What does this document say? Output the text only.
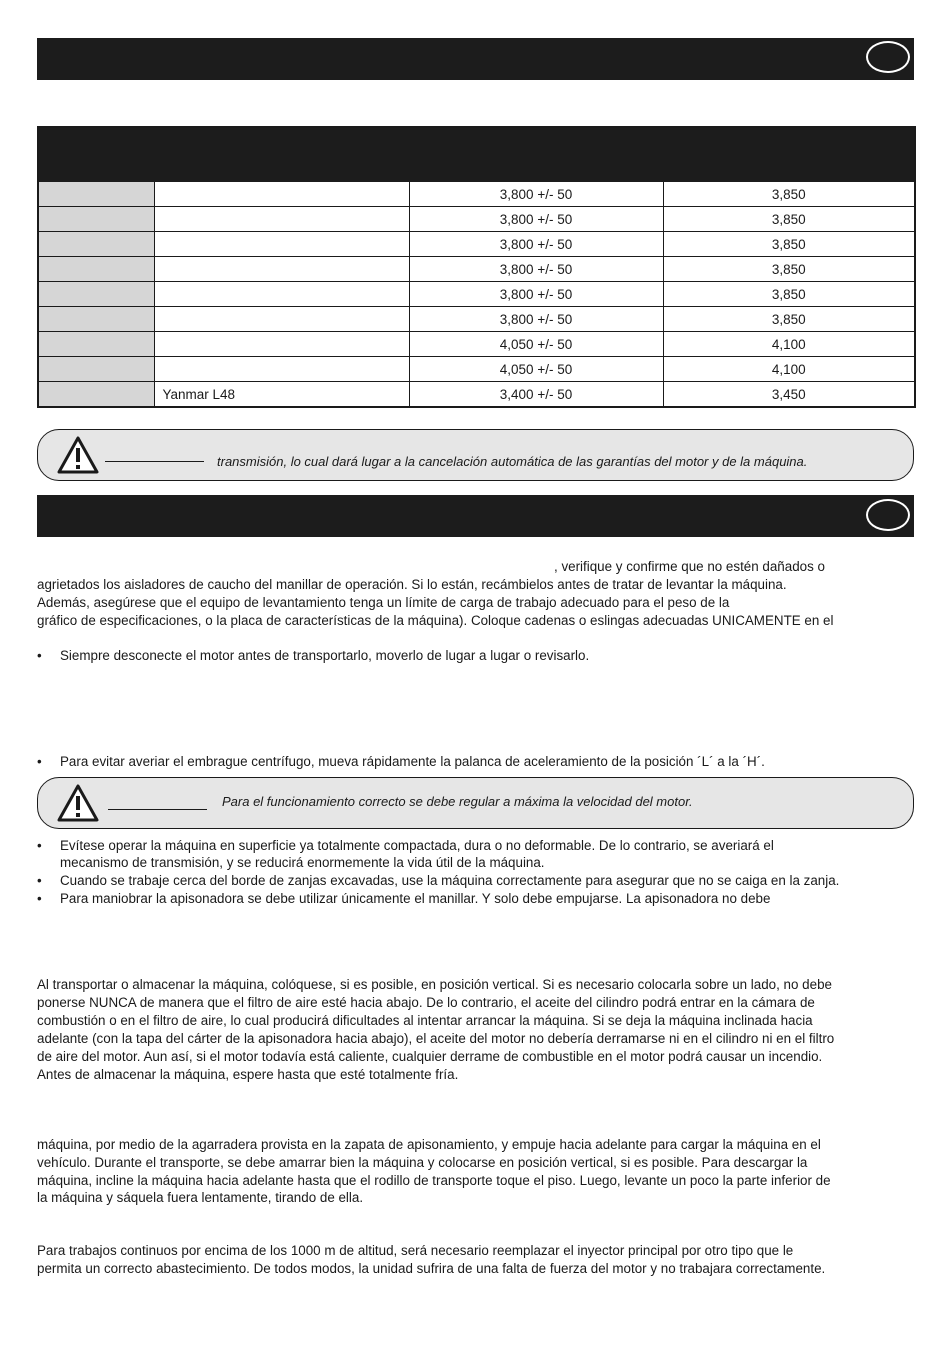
		3,800 +/- 50	3,850
		3,800 +/- 50	3,850
		3,800 +/- 50	3,850
		3,800 +/- 50	3,850
		3,800 +/- 50	3,850
		3,800 +/- 50	3,850
		4,050 +/- 50	4,100
		4,050 +/- 50	4,100
	Yanmar L48	3,400 +/- 50	3,450
transmisión, lo cual dará lugar a la cancelación automática de las garantías del motor y de la máquina.
, verifique y confirme que no estén dañados o
agrietados los aisladores de caucho del manillar de operación. Si lo están, recámbielos antes de tratar de levantar la máquina.
Además, asegúrese que el equipo de levantamiento tenga un límite de carga de trabajo adecuado para el peso de la
gráfico de especificaciones, o la placa de características de la máquina). Coloque cadenas o eslingas adecuadas UNICAMENTE en el
• Siempre desconecte el motor antes de transportarlo, moverlo de lugar a lugar o revisarlo.
• Para evitar averiar el embrague centrífugo, mueva rápidamente la palanca de aceleramiento de la posición ´L´ a la ´H´.
Para el funcionamiento correcto se debe regular a máxima la velocidad del motor.
• Evítese operar la máquina en superficie ya totalmente compactada, dura o no deformable. De lo contrario, se averiará el
mecanismo de transmisión, y se reducirá enormemente la vida útil de la máquina.
• Cuando se trabaje cerca del borde de zanjas excavadas, use la máquina correctamente para asegurar que no se caiga en la zanja.
• Para maniobrar la apisonadora se debe utilizar únicamente el manillar. Y solo debe empujarse. La apisonadora no debe
Al transportar o almacenar la máquina, colóquese, si es posible, en posición vertical. Si es necesario colocarla sobre un lado, no debe
ponerse NUNCA de manera que el filtro de aire esté hacia abajo. De lo contrario, el aceite del cilindro podrá entrar en la cámara de
combustión o en el filtro de aire, lo cual producirá dificultades al intentar arrancar la máquina. Si se deja la máquina inclinada hacia
adelante (con la tapa del cárter de la apisonadora hacia abajo), el aceite del motor no debería derramarse ni en el cilindro ni en el filtro
de aire del motor. Aun así, si el motor todavía está caliente, cualquier derrame de combustible en el motor podrá causar un incendio.
Antes de almacenar la máquina, espere hasta que esté totalmente fría.
máquina, por medio de la agarradera provista en la zapata de apisonamiento, y empuje hacia adelante para cargar la máquina en el
vehículo. Durante el transporte, se debe amarrar bien la máquina y colocarse en posición vertical, si es posible. Para descargar la
máquina, incline la máquina hacia adelante hasta que el rodillo de transporte toque el piso. Luego, levante un poco la parte inferior de
la máquina y sáquela fuera lentamente, tirando de ella.
Para trabajos continuos por encima de los 1000 m de altitud, será necesario reemplazar el inyector principal por otro tipo que le
permita un correcto abastecimiento. De todos modos, la unidad sufrira de una falta de fuerza del motor y no trabajara correctamente.
